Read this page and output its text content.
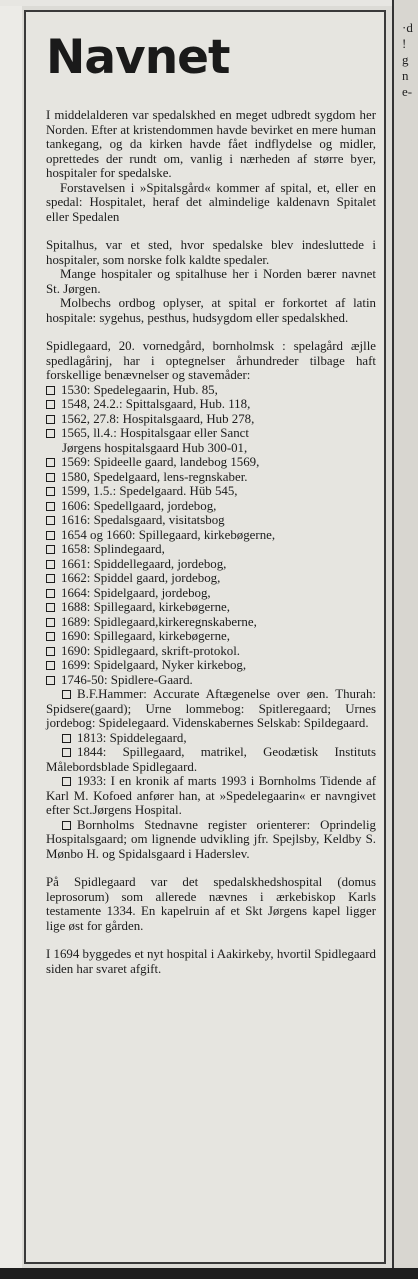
·d
!
g
n
e-
Navnet

I middelalderen var spedalskhed en meget udbredt sygdom her Norden. Efter at kristendommen havde bevirket en mere human tankegang, og da kirken havde fået indflydelse og midler, oprettedes der rundt om, vanlig i nærheden af større byer, hospitaler for spedalske.

Forstavelsen i »Spitalsgård« kommer af spital, et, eller en spedal: Hospitalet, heraf det almindelige kaldenavn Spitalet eller Spedalen

Spitalhus, var et sted, hvor spedalske blev indesluttede i hospitaler, som norske folk kaldte spedaler.

Mange hospitaler og spitalhuse her i Norden bærer navnet St. Jørgen.

Molbechs ordbog oplyser, at spital er forkortet af latin hospitale: sygehus, pesthus, hudsygdom eller spedalskhed.

Spidlegaard, 20. vornedgård, bornholmsk : spelagård æjlle spedlagårinj, har i optegnelser århundreder tilbage haft forskellige benævnelser og stavemåder:

1530: Spedelegaarin, Hub. 85,

1548, 24.2.: Spittalsgaard, Hub. 118,

1562, 27.8: Hospitalsgaard, Hub 278,

1565, ll.4.: Hospitalsgaar eller Sanct

Jørgens hospitalsgaard Hub 300-01,

1569: Spideelle gaard, landebog 1569,

1580, Spedelgaard, lens-regnskaber.

1599, 1.5.: Spedelgaard. Hüb 545,

1606: Spedellgaard, jordebog,

1616: Spedalsgaard, visitatsbog

1654 og 1660: Spillegaard, kirkebøgerne,

1658: Splindegaard,

1661: Spiddellegaard, jordebog,

1662: Spiddel gaard, jordebog,

1664: Spidelgaard, jordebog,

1688: Spillegaard, kirkebøgerne,

1689: Spidlegaard,kirkeregnskaberne,

1690: Spillegaard, kirkebøgerne,

1690: Spidlegaard, skrift-protokol.

1699: Spidelgaard, Nyker kirkebog,

1746-50: Spidlere-Gaard.

B.F.Hammer: Accurate Aftægenelse over øen. Thurah: Spidsere(gaard); Urne lommebog: Spitleregaard; Urnes jordebog: Spidelegaard. Videnskabernes Selskab: Spildegaard.

1813: Spiddelegaard,

1844: Spillegaard, matrikel, Geodætisk Instituts Målebordsblade Spidlegaard.

1933: I en kronik af marts 1993 i Bornholms Tidende af Karl M. Kofoed anfører han, at »Spedelegaarin« er navngivet efter Sct.Jørgens Hospital.

Bornholms Stednavne register orienterer: Oprindelig Hospitalsgaard; om lignende udvikling jfr. Spejlsby, Keldby S. Mønbo H. og Spidalsgaard i Haderslev.

På Spidlegaard var det spedalskhedshospital (domus leprosorum) som allerede nævnes i ærkebiskop Karls testamente 1334. En kapelruin af et Skt Jørgens kapel ligger lige øst for gården.

I 1694 byggedes et nyt hospital i Aakirkeby, hvortil Spidlegaard siden har svaret afgift.
